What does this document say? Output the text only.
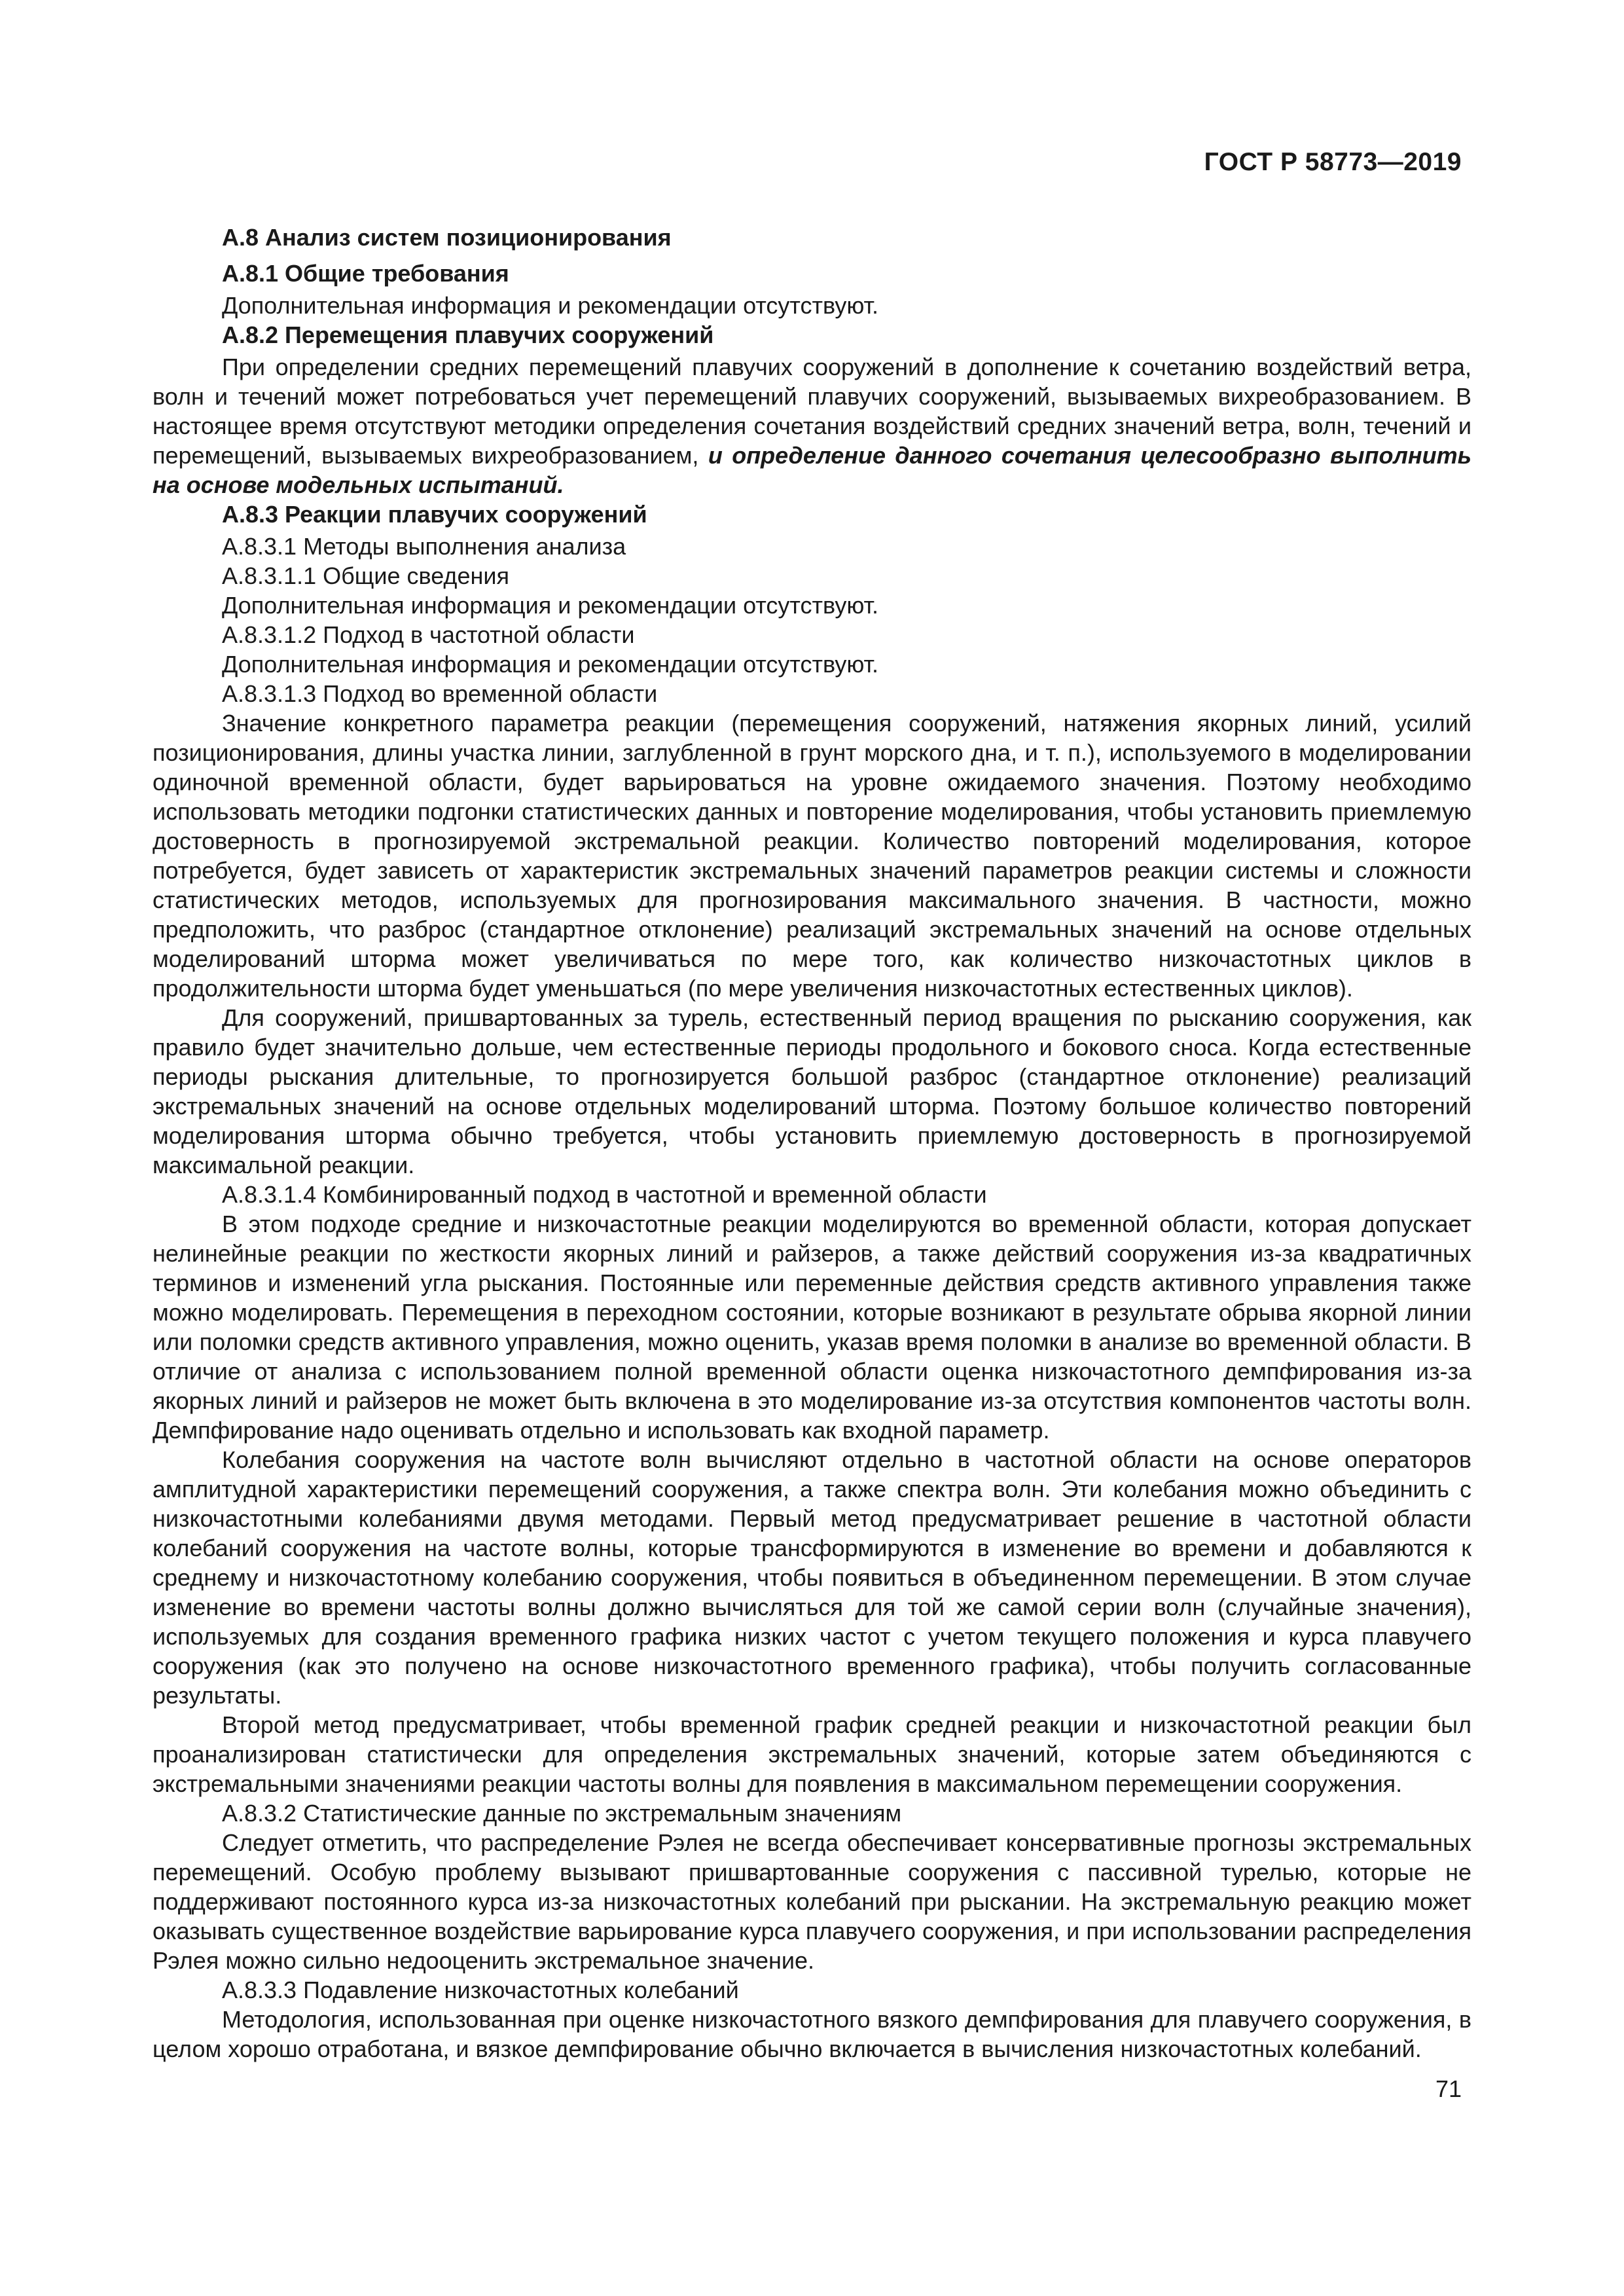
ГОСТ Р 58773—2019

А.8 Анализ систем позиционирования

А.8.1 Общие требования

Дополнительная информация и рекомендации отсутствуют.

А.8.2 Перемещения плавучих сооружений

При определении средних перемещений плавучих сооружений в дополнение к сочетанию воздействий ветра, волн и течений может потребоваться учет перемещений плавучих сооружений, вызываемых вихреобразованием. В настоящее время отсутствуют методики определения сочетания воздействий средних значений ветра, волн, течений и перемещений, вызываемых вихреобразованием, и определение данного сочетания целесообразно выполнить на основе модельных испытаний.

А.8.3 Реакции плавучих сооружений

А.8.3.1 Методы выполнения анализа

А.8.3.1.1 Общие сведения

Дополнительная информация и рекомендации отсутствуют.

А.8.3.1.2 Подход в частотной области

Дополнительная информация и рекомендации отсутствуют.

А.8.3.1.3 Подход во временной области

Значение конкретного параметра реакции (перемещения сооружений, натяжения якорных линий, усилий позиционирования, длины участка линии, заглубленной в грунт морского дна, и т. п.), используемого в моделировании одиночной временной области, будет варьироваться на уровне ожидаемого значения. Поэтому необходимо использовать методики подгонки статистических данных и повторение моделирования, чтобы установить приемлемую достоверность в прогнозируемой экстремальной реакции. Количество повторений моделирования, которое потребуется, будет зависеть от характеристик экстремальных значений параметров реакции системы и сложности статистических методов, используемых для прогнозирования максимального значения. В частности, можно предположить, что разброс (стандартное отклонение) реализаций экстремальных значений на основе отдельных моделирований шторма может увеличиваться по мере того, как количество низкочастотных циклов в продолжительности шторма будет уменьшаться (по мере увеличения низкочастотных естественных циклов).

Для сооружений, пришвартованных за турель, естественный период вращения по рысканию сооружения, как правило будет значительно дольше, чем естественные периоды продольного и бокового сноса. Когда естественные периоды рыскания длительные, то прогнозируется большой разброс (стандартное отклонение) реализаций экстремальных значений на основе отдельных моделирований шторма. Поэтому большое количество повторений моделирования шторма обычно требуется, чтобы установить приемлемую достоверность в прогнозируемой максимальной реакции.

А.8.3.1.4 Комбинированный подход в частотной и временной области

В этом подходе средние и низкочастотные реакции моделируются во временной области, которая допускает нелинейные реакции по жесткости якорных линий и райзеров, а также действий сооружения из-за квадратичных терминов и изменений угла рыскания. Постоянные или переменные действия средств активного управления также можно моделировать. Перемещения в переходном состоянии, которые возникают в результате обрыва якорной линии или поломки средств активного управления, можно оценить, указав время поломки в анализе во временной области. В отличие от анализа с использованием полной временной области оценка низкочастотного демпфирования из-за якорных линий и райзеров не может быть включена в это моделирование из-за отсутствия компонентов частоты волн. Демпфирование надо оценивать отдельно и использовать как входной параметр.

Колебания сооружения на частоте волн вычисляют отдельно в частотной области на основе операторов амплитудной характеристики перемещений сооружения, а также спектра волн. Эти колебания можно объединить с низкочастотными колебаниями двумя методами. Первый метод предусматривает решение в частотной области колебаний сооружения на частоте волны, которые трансформируются в изменение во времени и добавляются к среднему и низкочастотному колебанию сооружения, чтобы появиться в объединенном перемещении. В этом случае изменение во времени частоты волны должно вычисляться для той же самой серии волн (случайные значения), используемых для создания временного графика низких частот с учетом текущего положения и курса плавучего сооружения (как это получено на основе низкочастотного временного графика), чтобы получить согласованные результаты.

Второй метод предусматривает, чтобы временной график средней реакции и низкочастотной реакции был проанализирован статистически для определения экстремальных значений, которые затем объединяются с экстремальными значениями реакции частоты волны для появления в максимальном перемещении сооружения.

А.8.3.2 Статистические данные по экстремальным значениям

Следует отметить, что распределение Рэлея не всегда обеспечивает консервативные прогнозы экстремальных перемещений. Особую проблему вызывают пришвартованные сооружения с пассивной турелью, которые не поддерживают постоянного курса из-за низкочастотных колебаний при рыскании. На экстремальную реакцию может оказывать существенное воздействие варьирование курса плавучего сооружения, и при использовании распределения Рэлея можно сильно недооценить экстремальное значение.

А.8.3.3 Подавление низкочастотных колебаний

Методология, использованная при оценке низкочастотного вязкого демпфирования для плавучего сооружения, в целом хорошо отработана, и вязкое демпфирование обычно включается в вычисления низкочастотных колебаний.

71
